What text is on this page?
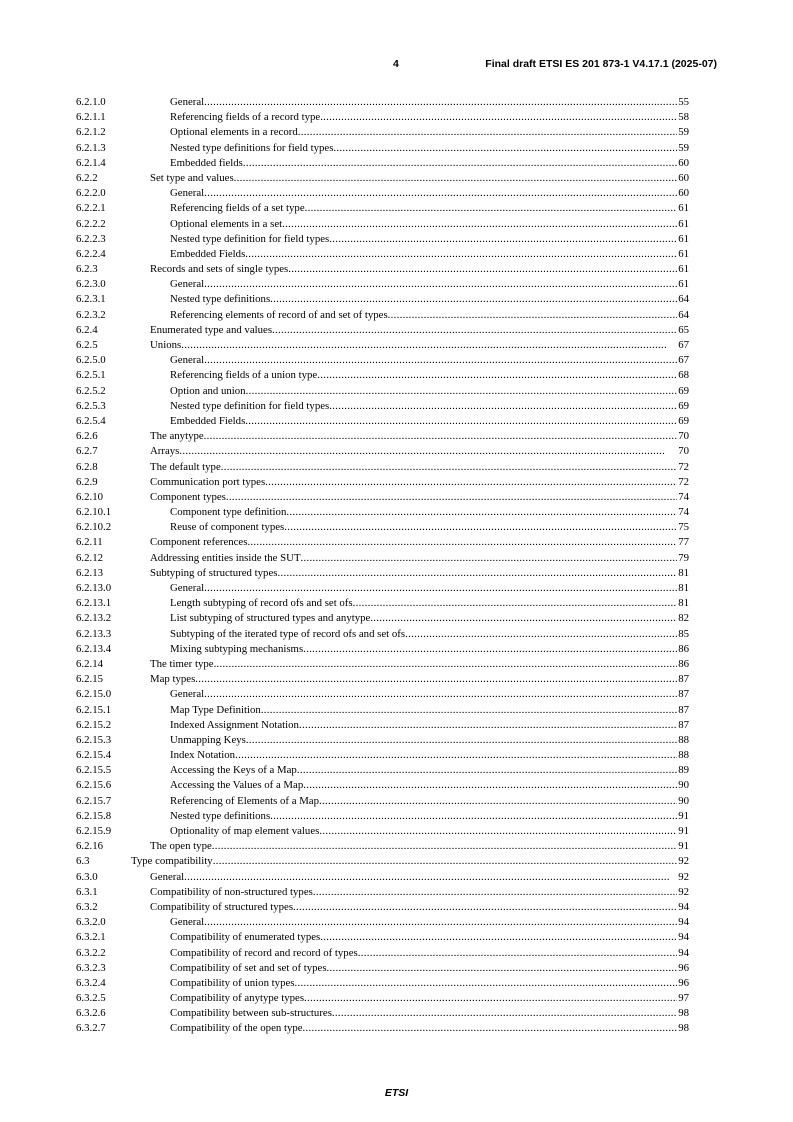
4	Final draft ETSI ES 201 873-1 V4.17.1 (2025-07)
6.2.1.0	General . . .	55
6.2.1.1	Referencing fields of a record type . . .	58
6.2.1.2	Optional elements in a record . . .	59
6.2.1.3	Nested type definitions for field types . . .	59
6.2.1.4	Embedded fields . . .	60
6.2.2	Set type and values . . .	60
6.2.2.0	General . . .	60
6.2.2.1	Referencing fields of a set type . . .	61
6.2.2.2	Optional elements in a set . . .	61
6.2.2.3	Nested type definition for field types . . .	61
6.2.2.4	Embedded Fields . . .	61
6.2.3	Records and sets of single types . . .	61
6.2.3.0	General . . .	61
6.2.3.1	Nested type definitions . . .	64
6.2.3.2	Referencing elements of record of and set of types . . .	64
6.2.4	Enumerated type and values . . .	65
6.2.5	Unions . . .	67
6.2.5.0	General . . .	67
6.2.5.1	Referencing fields of a union type . . .	68
6.2.5.2	Option and union . . .	69
6.2.5.3	Nested type definition for field types . . .	69
6.2.5.4	Embedded Fields . . .	69
6.2.6	The anytype . . .	70
6.2.7	Arrays . . .	70
6.2.8	The default type . . .	72
6.2.9	Communication port types . . .	72
6.2.10	Component types . . .	74
6.2.10.1	Component type definition . . .	74
6.2.10.2	Reuse of component types . . .	75
6.2.11	Component references . . .	77
6.2.12	Addressing entities inside the SUT . . .	79
6.2.13	Subtyping of structured types . . .	81
6.2.13.0	General . . .	81
6.2.13.1	Length subtyping of record ofs and set ofs . . .	81
6.2.13.2	List subtyping of structured types and anytype . . .	82
6.2.13.3	Subtyping of the iterated type of record ofs and set ofs . . .	85
6.2.13.4	Mixing subtyping mechanisms . . .	86
6.2.14	The timer type . . .	86
6.2.15	Map types . . .	87
6.2.15.0	General . . .	87
6.2.15.1	Map Type Definition . . .	87
6.2.15.2	Indexed Assignment Notation . . .	87
6.2.15.3	Unmapping Keys . . .	88
6.2.15.4	Index Notation . . .	88
6.2.15.5	Accessing the Keys of a Map . . .	89
6.2.15.6	Accessing the Values of a Map . . .	90
6.2.15.7	Referencing of Elements of a Map . . .	90
6.2.15.8	Nested type definitions . . .	91
6.2.15.9	Optionality of map element values . . .	91
6.2.16	The open type . . .	91
6.3	Type compatibility . . .	92
6.3.0	General . . .	92
6.3.1	Compatibility of non-structured types . . .	92
6.3.2	Compatibility of structured types . . .	94
6.3.2.0	General . . .	94
6.3.2.1	Compatibility of enumerated types . . .	94
6.3.2.2	Compatibility of record and record of types . . .	94
6.3.2.3	Compatibility of set and set of types . . .	96
6.3.2.4	Compatibility of union types . . .	96
6.3.2.5	Compatibility of anytype types . . .	97
6.3.2.6	Compatibility between sub-structures . . .	98
6.3.2.7	Compatibility of the open type . . .	98
ETSI
